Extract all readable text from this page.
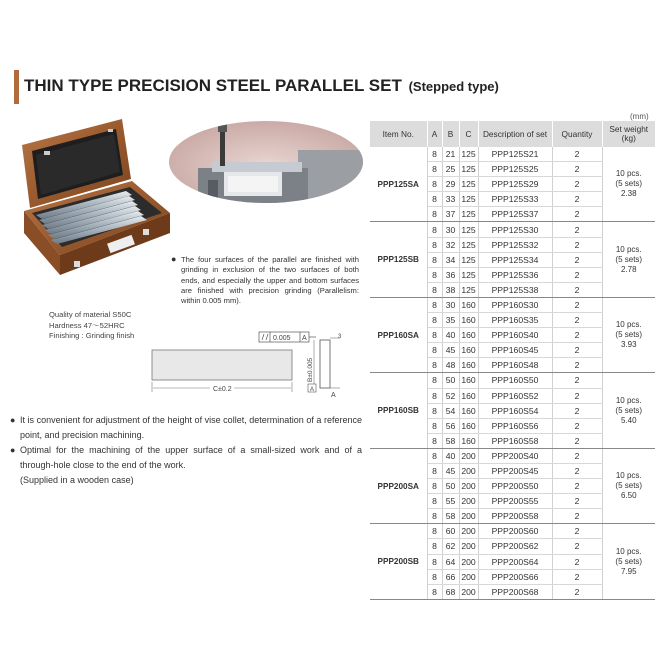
THIN TYPE PRECISION STEEL PARALLEL SET (Stepped type)
(mm)
● The four surfaces of the parallel are finished with grinding in exclusion of the two surfaces of both ends, and especially the upper and bottom surfaces are finished with precision grinding (Parallelism: within 0.005 mm).
Quality of material S50C
Hardness 47～52HRC
Finishing : Grinding finish	0.005 A
C±0.2
3
B±0.005
A
A
● It is convenient for adjustment of the height of vise collet, determination of a reference point, and precision machining.
● Optimal for the machining of the upper surface of a small-sized work and of a through-hole close to the end of the work.
(Supplied in a wooden case)
Item No.	A	B	C	Description of set	Quantity	Set weight (kg)
PPP125SA	8	21	125	PPP125S21	2	10 pcs.
(5 sets)
2.38

	8	25	125	PPP125S25	2	
	8	29	125	PPP125S29	2	
	8	33	125	PPP125S33	2	
	8	37	125	PPP125S37	2	
PPP125SB	8	30	125	PPP125S30	2	10 pcs.
(5 sets)
2.78

	8	32	125	PPP125S32	2	
	8	34	125	PPP125S34	2	
	8	36	125	PPP125S36	2	
	8	38	125	PPP125S38	2	
PPP160SA	8	30	160	PPP160S30	2	10 pcs.
(5 sets)
3.93

	8	35	160	PPP160S35	2	
	8	40	160	PPP160S40	2	
	8	45	160	PPP160S45	2	
	8	48	160	PPP160S48	2	
PPP160SB	8	50	160	PPP160S50	2	10 pcs.
(5 sets)
5.40

	8	52	160	PPP160S52	2	
	8	54	160	PPP160S54	2	
	8	56	160	PPP160S56	2	
	8	58	160	PPP160S58	2	
PPP200SA	8	40	200	PPP200S40	2	10 pcs.
(5 sets)
6.50

	8	45	200	PPP200S45	2	
	8	50	200	PPP200S50	2	
	8	55	200	PPP200S55	2	
	8	58	200	PPP200S58	2	
PPP200SB	8	60	200	PPP200S60	2	10 pcs.
(5 sets)
7.95

	8	62	200	PPP200S62	2	
	8	64	200	PPP200S64	2	
	8	66	200	PPP200S66	2	
	8	68	200	PPP200S68	2	
